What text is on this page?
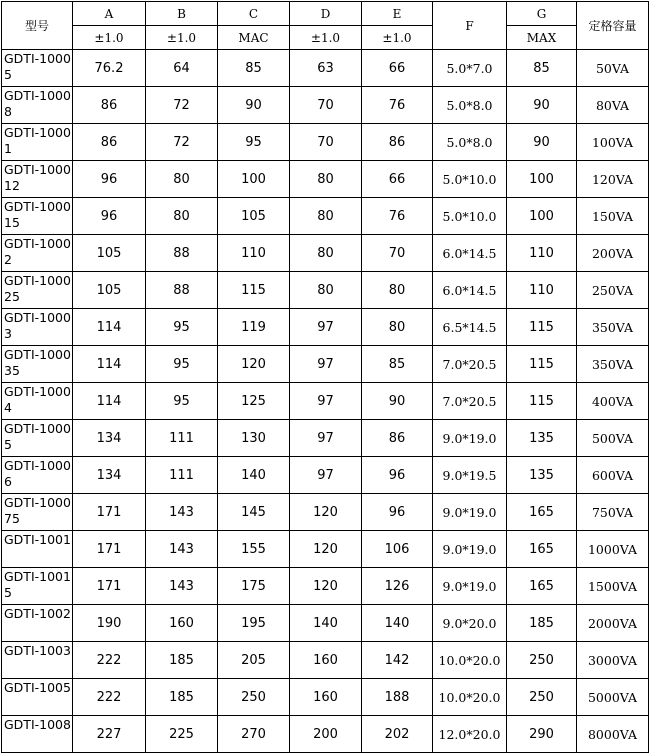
型号	A	B	C	D	E	F	G	定格容量
	±1.0	±1.0	MAC	±1.0	±1.0		MAX	
GDTI-10005	76.2	64	85	63	66	5.0*7.0	85	50VA
GDTI-10008	86	72	90	70	76	5.0*8.0	90	80VA
GDTI-10001	86	72	95	70	86	5.0*8.0	90	100VA
GDTI-100012	96	80	100	80	66	5.0*10.0	100	120VA
GDTI-100015	96	80	105	80	76	5.0*10.0	100	150VA
GDTI-10002	105	88	110	80	70	6.0*14.5	110	200VA
GDTI-100025	105	88	115	80	80	6.0*14.5	110	250VA
GDTI-10003	114	95	119	97	80	6.5*14.5	115	350VA
GDTI-100035	114	95	120	97	85	7.0*20.5	115	350VA
GDTI-10004	114	95	125	97	90	7.0*20.5	115	400VA
GDTI-10005	134	111	130	97	86	9.0*19.0	135	500VA
GDTI-10006	134	111	140	97	96	9.0*19.5	135	600VA
GDTI-100075	171	143	145	120	96	9.0*19.0	165	750VA
GDTI-1001	171	143	155	120	106	9.0*19.0	165	1000VA
GDTI-10015	171	143	175	120	126	9.0*19.0	165	1500VA
GDTI-1002	190	160	195	140	140	9.0*20.0	185	2000VA
GDTI-1003	222	185	205	160	142	10.0*20.0	250	3000VA
GDTI-1005	222	185	250	160	188	10.0*20.0	250	5000VA
GDTI-1008	227	225	270	200	202	12.0*20.0	290	8000VA
